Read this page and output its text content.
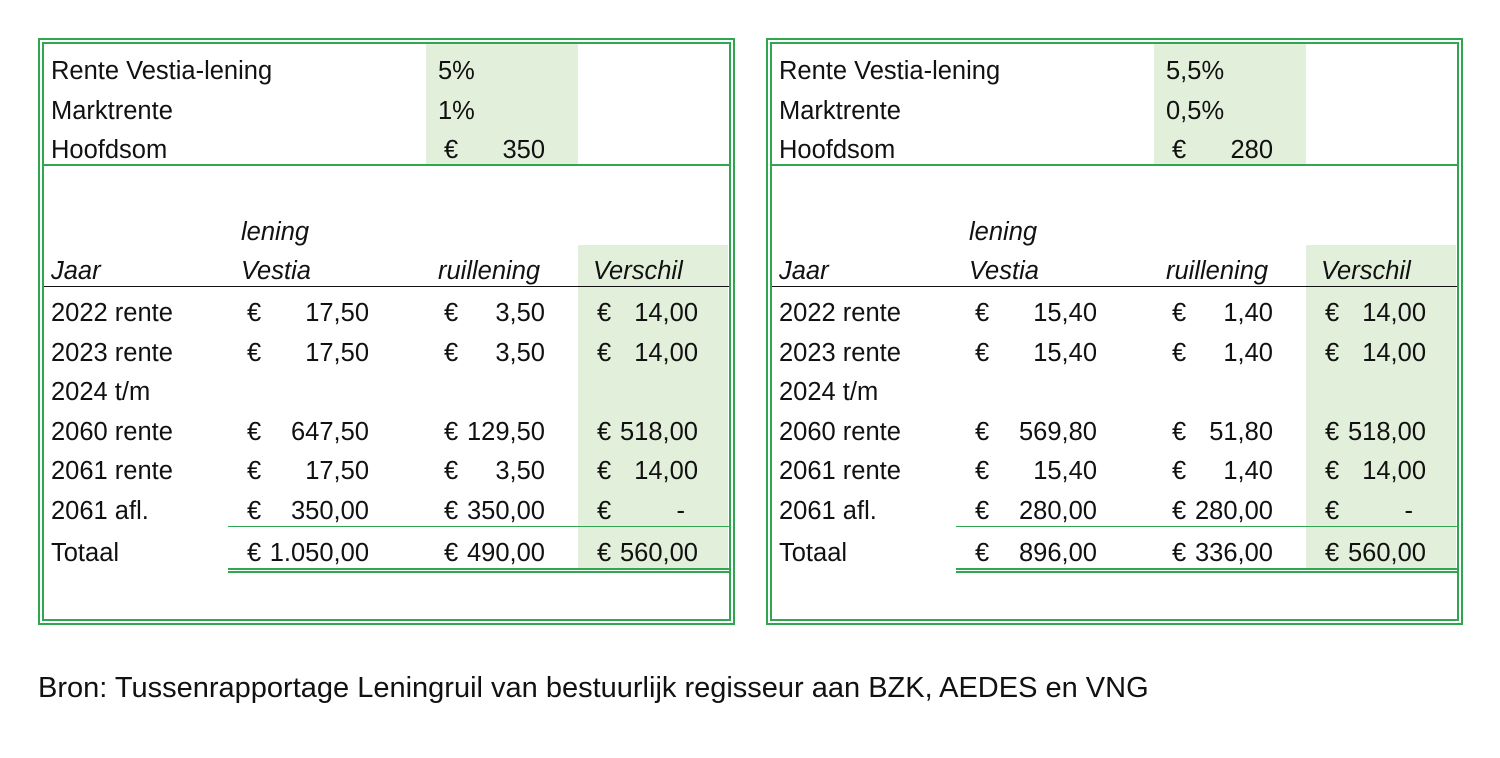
Rente Vestia-lening	5%
Marktrente	1%
Hoofdsom	€ 350
lening
Jaar	Vestia	ruillening Verschil
2022 rente	€ 17,50	€ 3,50 € 14,00
2023 rente	€ 17,50	€ 3,50 € 14,00
2024 t/m
2060 rente	€ 647,50	€ 129,50 € 518,00
2061 rente	€ 17,50	€ 3,50 € 14,00
2061 afl.	€ 350,00	€ 350,00 €	-
Totaal	€ 1.050,00	€ 490,00 € 560,00
Rente Vestia-lening	5,5%
Marktrente	0,5%
Hoofdsom	€ 280
lening
Jaar	Vestia	ruillening Verschil
2022 rente	€ 15,40	€ 1,40 € 14,00
2023 rente	€ 15,40	€ 1,40 € 14,00
2024 t/m
2060 rente	€ 569,80	€ 51,80 € 518,00
2061 rente	€ 15,40	€ 1,40 € 14,00
2061 afl.	€ 280,00	€ 280,00 €	-
Totaal	€ 896,00	€ 336,00 € 560,00
Bron: Tussenrapportage Leningruil van bestuurlijk regisseur aan BZK, AEDES en VNG
